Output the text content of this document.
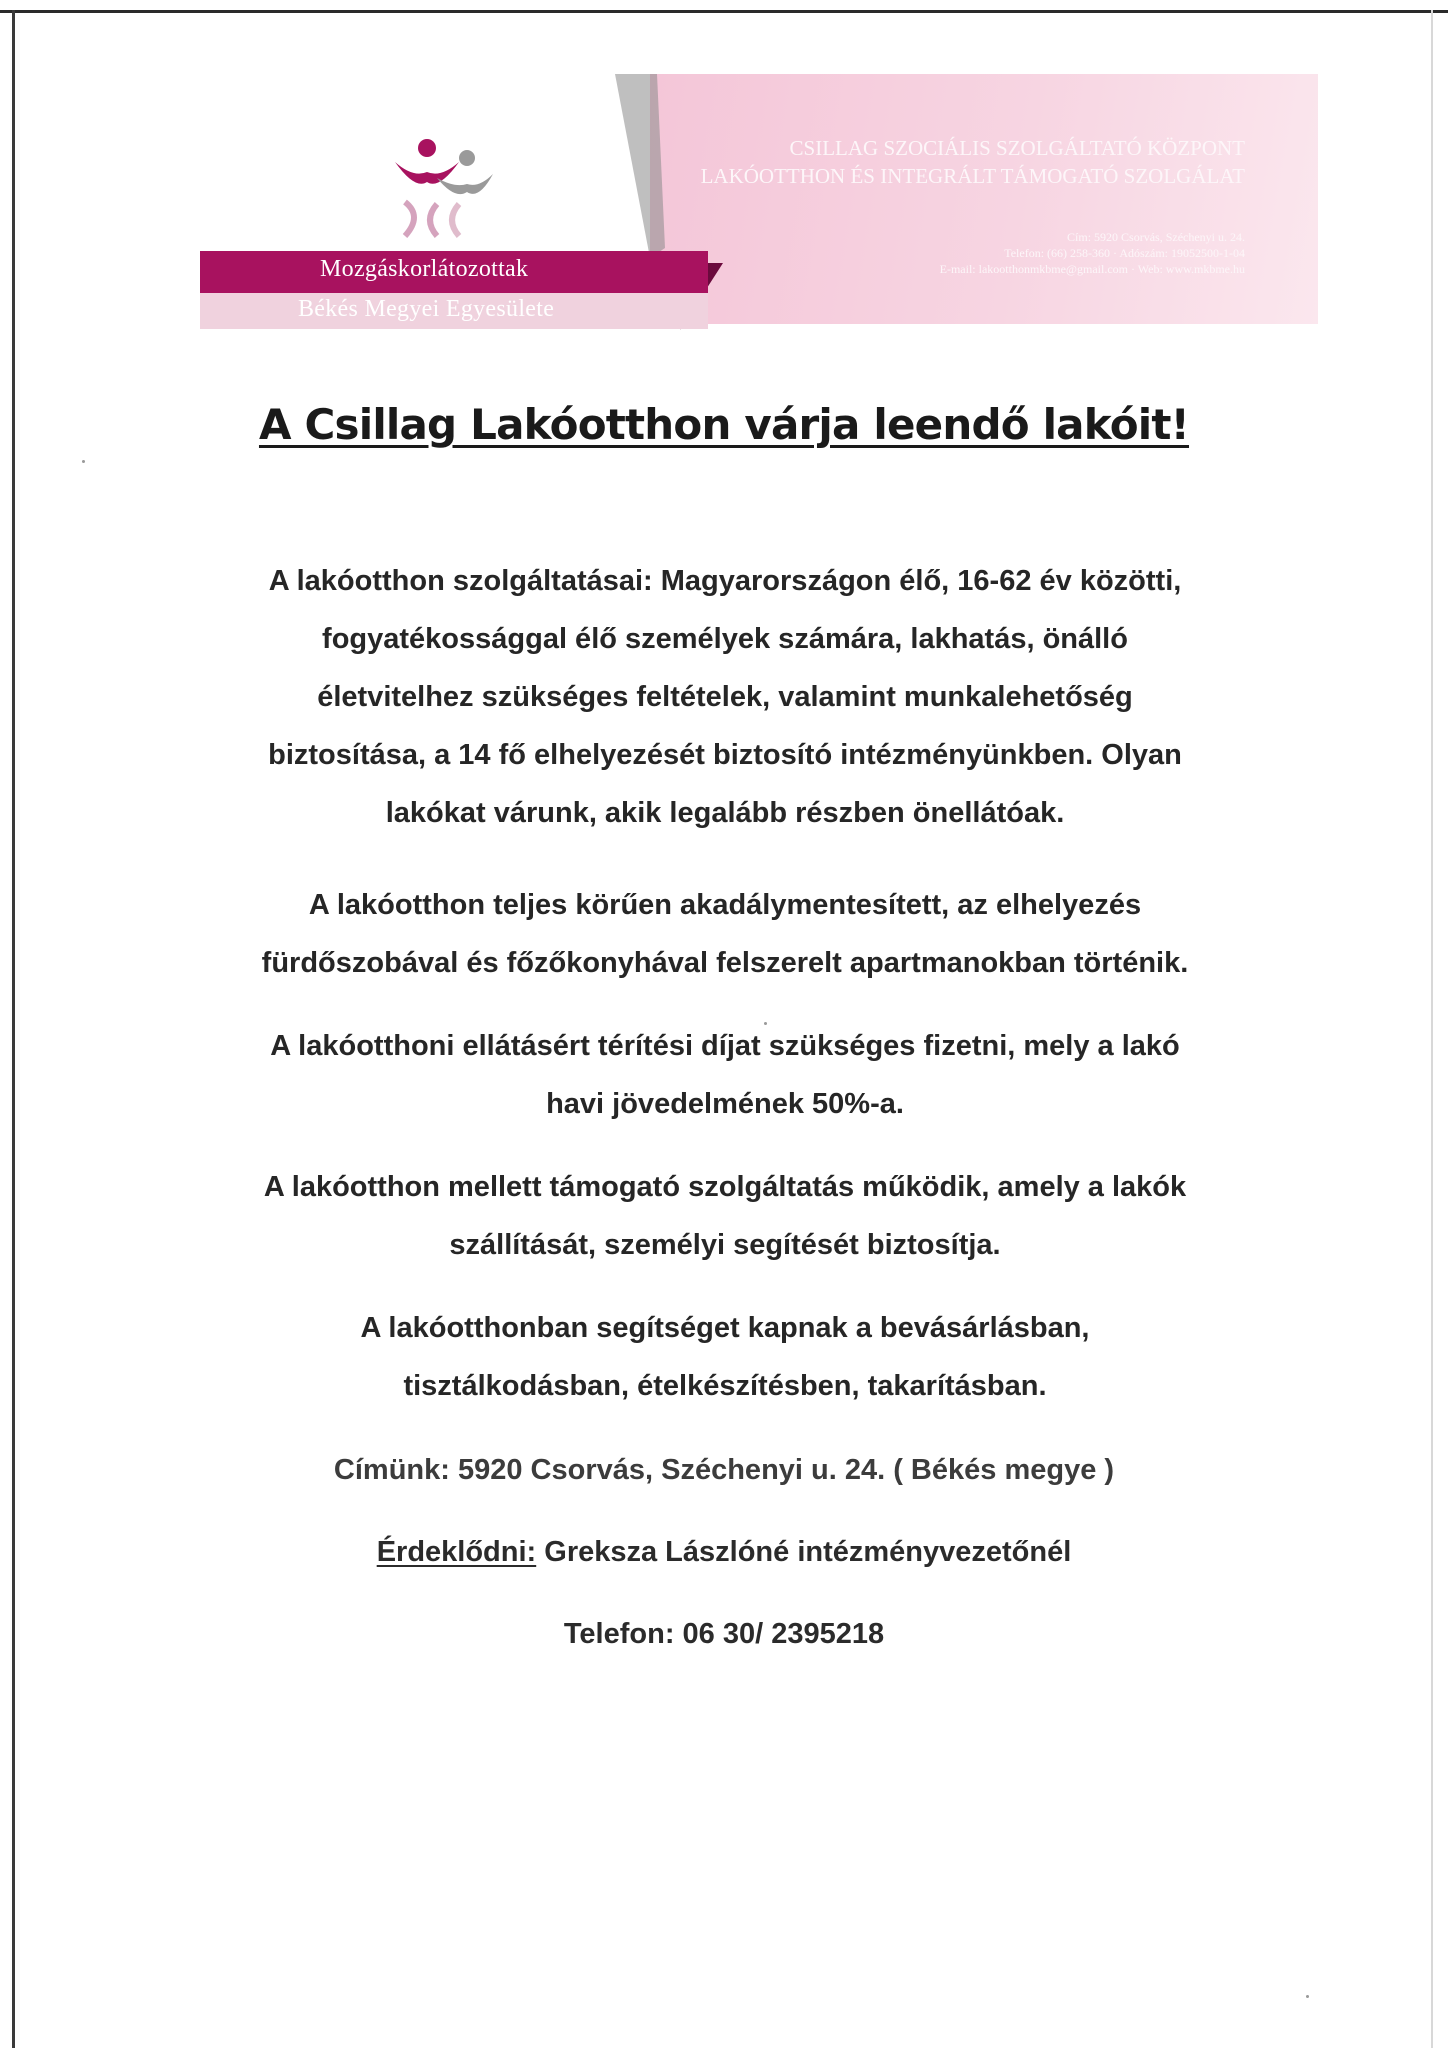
Mozgáskorlátozottak
Békés Megyei Egyesülete
CSILLAG SZOCIÁLIS SZOLGÁLTATÓ KÖZPONT
LAKÓOTTHON ÉS INTEGRÁLT TÁMOGATÓ SZOLGÁLAT
Cím: 5920 Csorvás, Széchenyi u. 24.
Telefon: (66) 258-360 · Adószám: 19052500-1-04
E-mail: lakootthonmkbme@gmail.com · Web: www.mkbme.hu
A Csillag Lakóotthon várja leendő lakóit!
A lakóotthon szolgáltatásai: Magyarországon élő, 16-62 év közötti,
fogyatékossággal élő személyek számára, lakhatás, önálló
életvitelhez szükséges feltételek, valamint munkalehetőség
biztosítása, a 14 fő elhelyezését biztosító intézményünkben. Olyan
lakókat várunk, akik legalább részben önellátóak.
A lakóotthon teljes körűen akadálymentesített, az elhelyezés
fürdőszobával és főzőkonyhával felszerelt apartmanokban történik.
A lakóotthoni ellátásért térítési díjat szükséges fizetni, mely a lakó
havi jövedelmének 50%-a.
A lakóotthon mellett támogató szolgáltatás működik, amely a lakók
szállítását, személyi segítését biztosítja.
A lakóotthonban segítséget kapnak a bevásárlásban,
tisztálkodásban, ételkészítésben, takarításban.
Címünk: 5920 Csorvás, Széchenyi u. 24. ( Békés megye )
Érdeklődni: Greksza Lászlóné intézményvezetőnél
Telefon: 06 30/ 2395218
